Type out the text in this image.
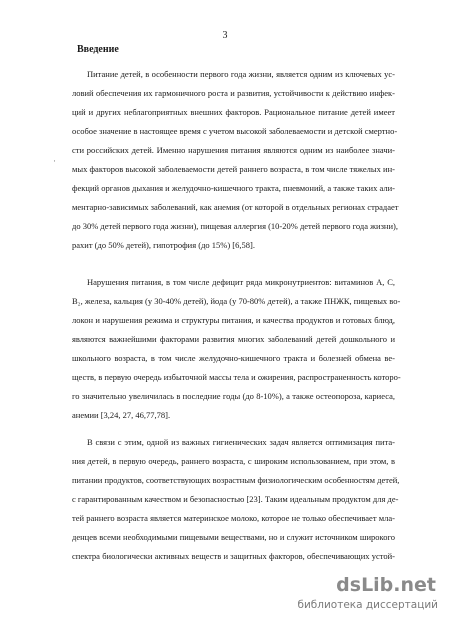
3
Введение
·
Питание детей, в особенности первого года жизни, является одним из ключевых ус-
ловий обеспечения их гармоничного роста и развития, устойчивости к действию инфек-
ций и других неблагоприятных внешних факторов. Рациональное питание детей имеет
особое значение в настоящее время с учетом высокой заболеваемости и детской смертно-
сти российских детей. Именно нарушения питания являются одним из наиболее значи-
мых факторов высокой заболеваемости детей раннего возраста, в том числе тяжелых ин-
фекций органов дыхания и желудочно-кишечного тракта, пневмоний, а также таких али-
ментарно-зависимых заболеваний, как анемия (от которой в отдельных регионах страдает
до 30% детей первого года жизни), пищевая аллергия (10-20% детей первого года жизни),
рахит (до 50% детей), гипотрофия (до 15%) [6,58].
Нарушения питания, в том числе дефицит ряда микронутриентов: витаминов А, С,
B₂, железа, кальция (у 30-40% детей), йода (у 70-80% детей), а также ПНЖК, пищевых во-
локон и нарушения режима и структуры питания, и качества продуктов и готовых блюд,
являются важнейшими факторами развития многих заболеваний детей дошкольного и
школьного возраста, в том числе желудочно-кишечного тракта и болезней обмена ве-
ществ, в первую очередь избыточной массы тела и ожирения, распространенность которо-
го значительно увеличилась в последние годы (до 8-10%), а также остеопороза, кариеса,
анемии [3,24, 27, 46,77,78].
В связи с этим, одной из важных гигиенических задач является оптимизация пита-
ния детей, в первую очередь, раннего возраста, с широким использованием, при этом, в
питании продуктов, соответствующих возрастным физиологическим особенностям детей,
с гарантированным качеством и безопасностью [23]. Таким идеальным продуктом для де-
тей раннего возраста является материнское молоко, которое не только обеспечивает мла-
денцев всеми необходимыми пищевыми веществами, но и служит источником широкого
спектра биологически активных веществ и защитных факторов, обеспечивающих устой-
dsLib.net
библиотека диссертаций
